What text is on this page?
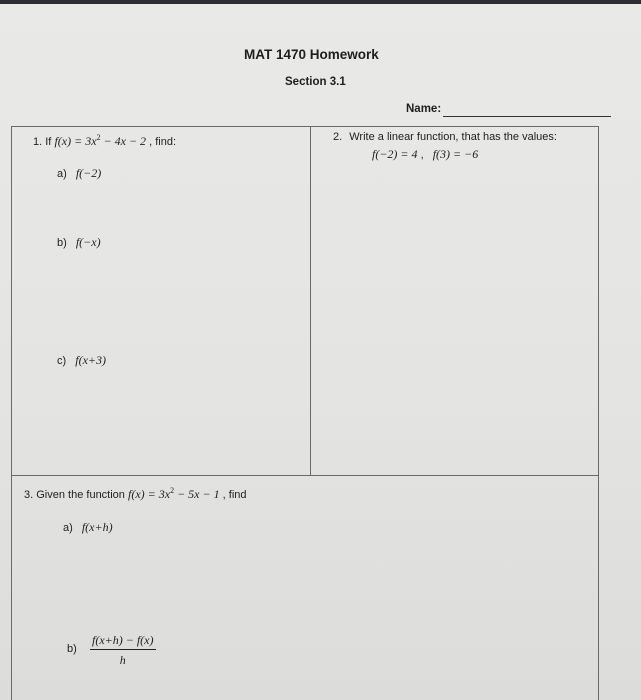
MAT 1470 Homework
Section 3.1
Name:
1. If $f(x) = 3x^2 - 4x - 2$ , find:
a) f(−2)
b) f(−x)
c) f(x+3)
2. Write a linear function, that has the values:
f(−2) = 4 , f(3) = −6
3. Given the function $f(x) = 3x^2 - 5x - 1$ , find
a) f(x+h)
$b) \frac{f(x+h) - f(x)}{h}$
